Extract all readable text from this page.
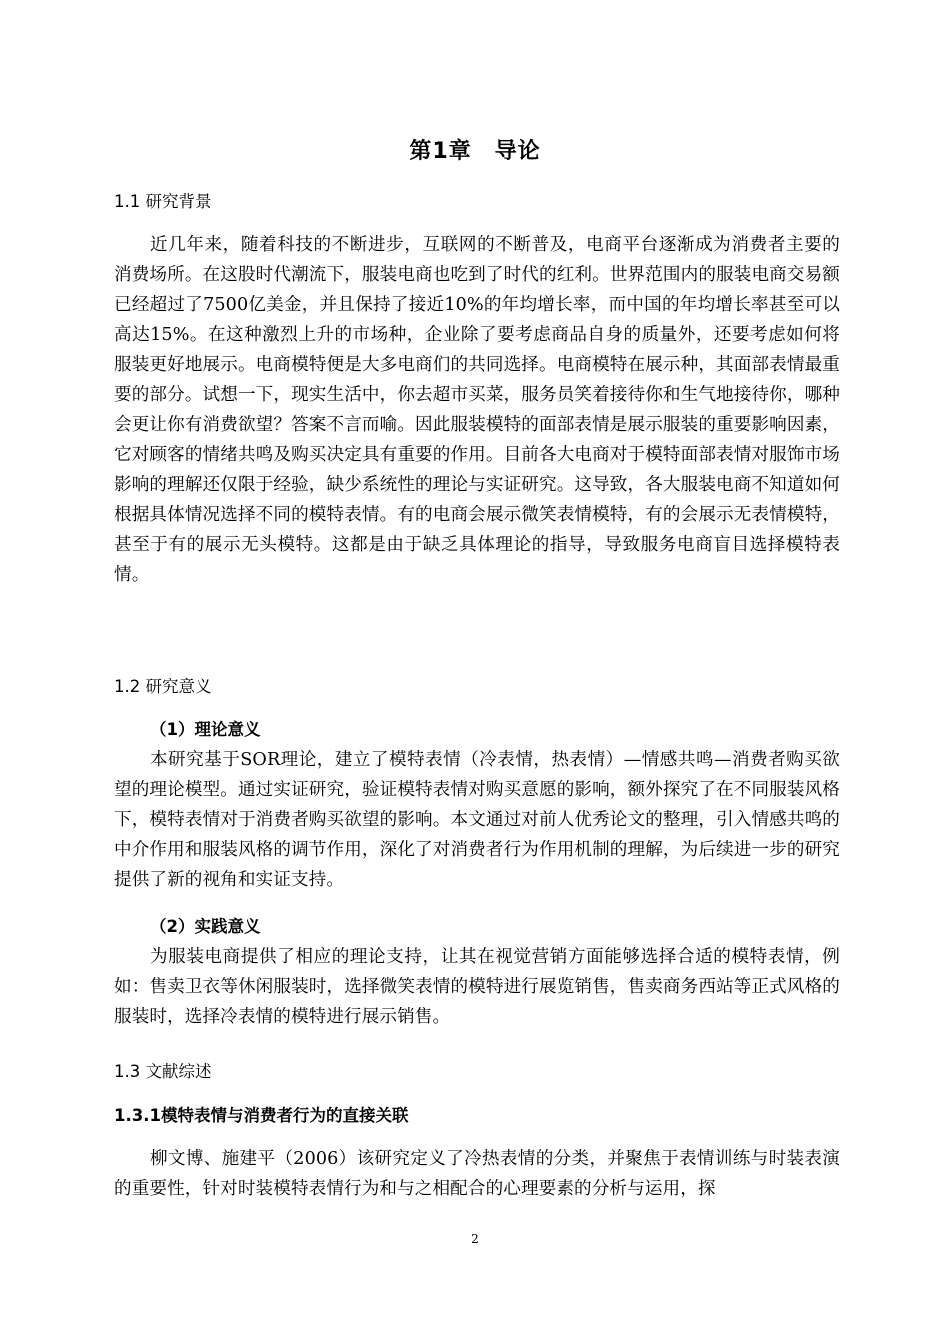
第1章　导论
1.1 研究背景

近几年来，随着科技的不断进步，互联网的不断普及，电商平台逐渐成为消费者主要的消费场所。在这股时代潮流下，服装电商也吃到了时代的红利。世界范围内的服装电商交易额已经超过了7500亿美金，并且保持了接近10%的年均增长率，而中国的年均增长率甚至可以高达15%。在这种激烈上升的市场种，企业除了要考虑商品自身的质量外，还要考虑如何将服装更好地展示。电商模特便是大多电商们的共同选择。电商模特在展示种，其面部表情最重要的部分。试想一下，现实生活中，你去超市买菜，服务员笑着接待你和生气地接待你，哪种会更让你有消费欲望？答案不言而喻。因此服装模特的面部表情是展示服装的重要影响因素，它对顾客的情绪共鸣及购买决定具有重要的作用。目前各大电商对于模特面部表情对服饰市场影响的理解还仅限于经验，缺少系统性的理论与实证研究。这导致，各大服装电商不知道如何根据具体情况选择不同的模特表情。有的电商会展示微笑表情模特，有的会展示无表情模特，甚至于有的展示无头模特。这都是由于缺乏具体理论的指导，导致服务电商盲目选择模特表情。

1.2 研究意义
（1）理论意义

本研究基于SOR理论，建立了模特表情（冷表情，热表情）—情感共鸣—消费者购买欲望的理论模型。通过实证研究，验证模特表情对购买意愿的影响，额外探究了在不同服装风格下，模特表情对于消费者购买欲望的影响。本文通过对前人优秀论文的整理，引入情感共鸣的中介作用和服装风格的调节作用，深化了对消费者行为作用机制的理解，为后续进一步的研究提供了新的视角和实证支持。

（2）实践意义

为服装电商提供了相应的理论支持，让其在视觉营销方面能够选择合适的模特表情，例如：售卖卫衣等休闲服装时，选择微笑表情的模特进行展览销售，售卖商务西站等正式风格的服装时，选择冷表情的模特进行展示销售。

1.3 文献综述
1.3.1模特表情与消费者行为的直接关联

柳文博、施建平（2006）该研究定义了冷热表情的分类，并聚焦于表情训练与时装表演的重要性，针对时装模特表情行为和与之相配合的心理要素的分析与运用，探

2
